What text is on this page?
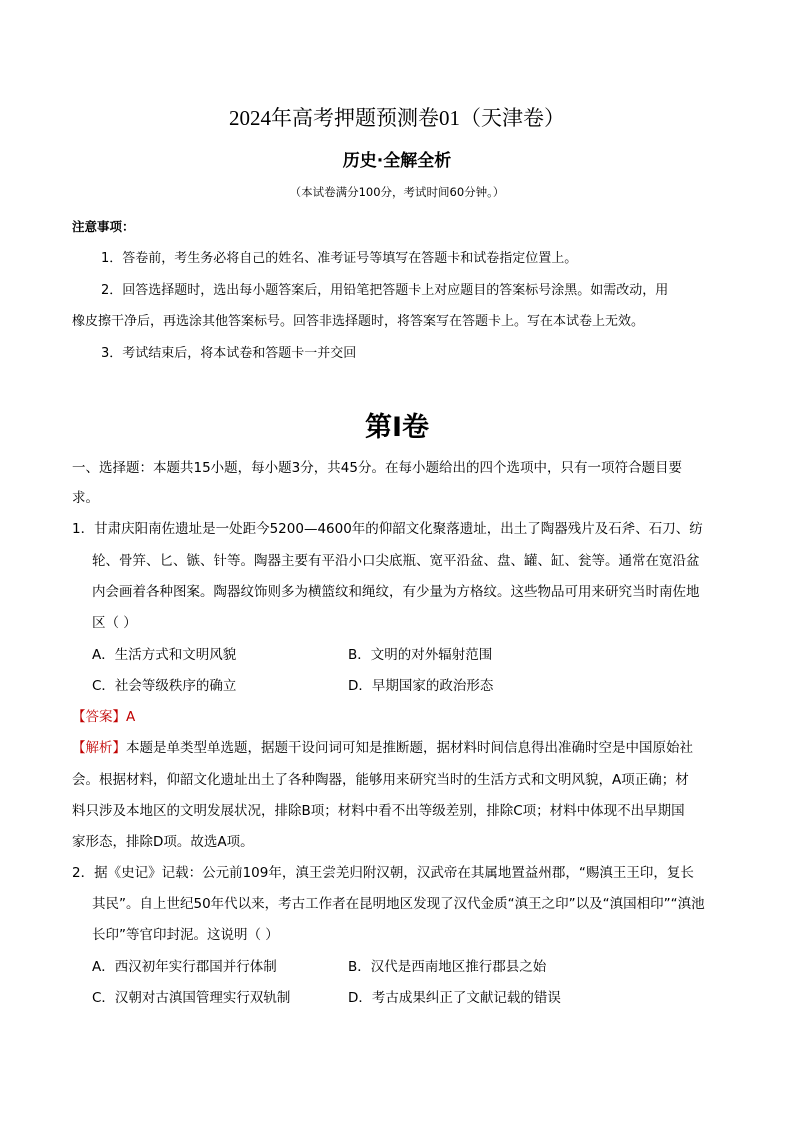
2024年高考押题预测卷01（天津卷）
历史·全解全析
（本试卷满分100分，考试时间60分钟。）
注意事项：
1．答卷前，考生务必将自己的姓名、准考证号等填写在答题卡和试卷指定位置上。
2．回答选择题时，选出每小题答案后，用铅笔把答题卡上对应题目的答案标号涂黑。如需改动，用
橡皮擦干净后，再选涂其他答案标号。回答非选择题时，将答案写在答题卡上。写在本试卷上无效。
3．考试结束后，将本试卷和答题卡一并交回
第I卷
一、选择题：本题共15小题，每小题3分，共45分。在每小题给出的四个选项中，只有一项符合题目要
求。
1．甘肃庆阳南佐遗址是一处距今5200—4600年的仰韶文化聚落遗址，出土了陶器残片及石斧、石刀、纺
轮、骨笄、匕、镞、针等。陶器主要有平沿小口尖底瓶、宽平沿盆、盘、罐、缸、瓮等。通常在宽沿盆
内会画着各种图案。陶器纹饰则多为横篮纹和绳纹，有少量为方格纹。这些物品可用来研究当时南佐地
区（ ）
A．生活方式和文明风貌	B．文明的对外辐射范围
C．社会等级秩序的确立	D．早期国家的政治形态
【答案】A
【解析】本题是单类型单选题，据题干设问词可知是推断题，据材料时间信息得出准确时空是中国原始社
会。根据材料，仰韶文化遗址出土了各种陶器，能够用来研究当时的生活方式和文明风貌，A项正确；材
料只涉及本地区的文明发展状况，排除B项；材料中看不出等级差别，排除C项；材料中体现不出早期国
家形态，排除D项。故选A项。
2．据《史记》记载：公元前109年，滇王尝羌归附汉朝，汉武帝在其属地置益州郡，“赐滇王王印，复长
其民”。自上世纪50年代以来，考古工作者在昆明地区发现了汉代金质“滇王之印”以及“滇国相印”“滇池
长印”等官印封泥。这说明（ ）
A．西汉初年实行郡国并行体制	B．汉代是西南地区推行郡县之始
C．汉朝对古滇国管理实行双轨制	D．考古成果纠正了文献记载的错误
